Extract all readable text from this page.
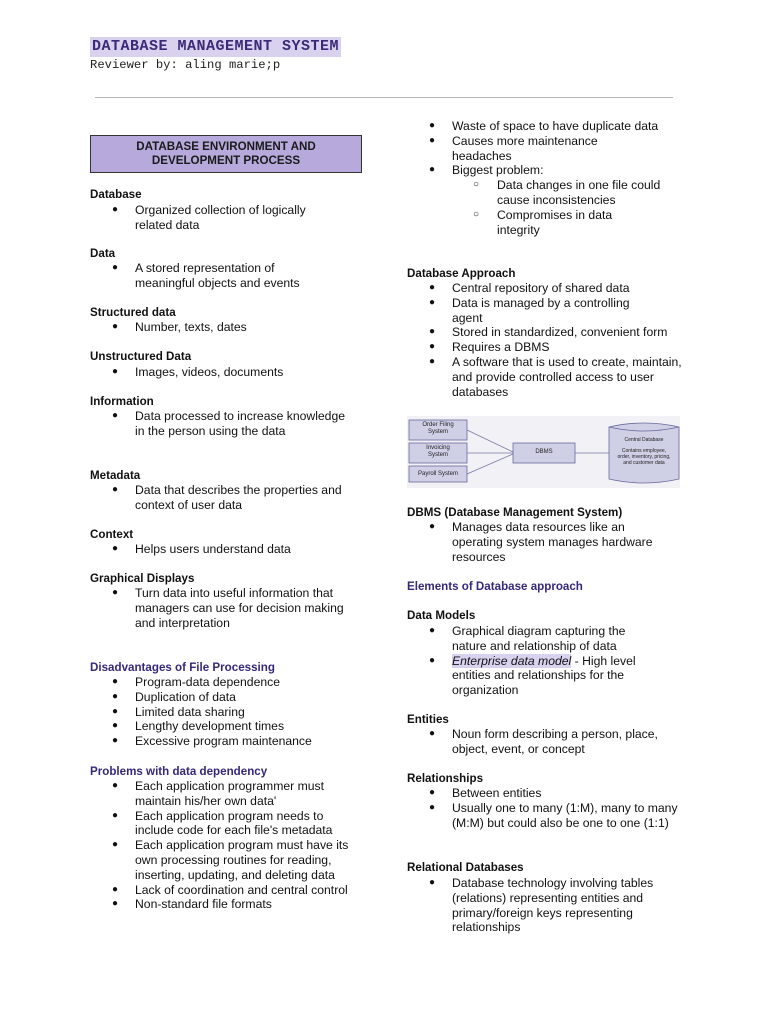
DATABASE MANAGEMENT SYSTEM

Reviewer by: aling marie;p

DATABASE ENVIRONMENT AND DEVELOPMENT PROCESS

Database

● Organized collection of logically related data

Data

● A stored representation of meaningful objects and events

Structured data

● Number, texts, dates

Unstructured Data

● Images, videos, documents

Information

● Data processed to increase knowledge in the person using the data

Metadata

● Data that describes the properties and context of user data

Context

● Helps users understand data

Graphical Displays

● Turn data into useful information that managers can use for decision making and interpretation

Disadvantages of File Processing

● Program-data dependence
● Duplication of data
● Limited data sharing
● Lengthy development times
● Excessive program maintenance

Problems with data dependency

● Each application programmer must maintain his/her own data'
● Each application program needs to include code for each file's metadata
● Each application program must have its own processing routines for reading, inserting, updating, and deleting data
● Lack of coordination and central control
● Non-standard file formats
● Waste of space to have duplicate data
● Causes more maintenance headaches
● Biggest problem:
○ Data changes in one file could cause inconsistencies
○ Compromises in data integrity

Database Approach

● Central repository of shared data
● Data is managed by a controlling agent
● Stored in standardized, convenient form
● Requires a DBMS
● A software that is used to create, maintain, and provide controlled access to user databases
Order Filing System
Invoicing System
Payroll System
DBMS
Central Database
Contains employee, order, inventory, pricing, and customer data

DBMS (Database Management System)

● Manages data resources like an operating system manages hardware resources

Elements of Database approach

Data Models

● Graphical diagram capturing the nature and relationship of data
● Enterprise data model - High level entities and relationships for the organization

Entities

● Noun form describing a person, place, object, event, or concept

Relationships

● Between entities
● Usually one to many (1:M), many to many (M:M) but could also be one to one (1:1)

Relational Databases

● Database technology involving tables (relations) representing entities and primary/foreign keys representing relationships
